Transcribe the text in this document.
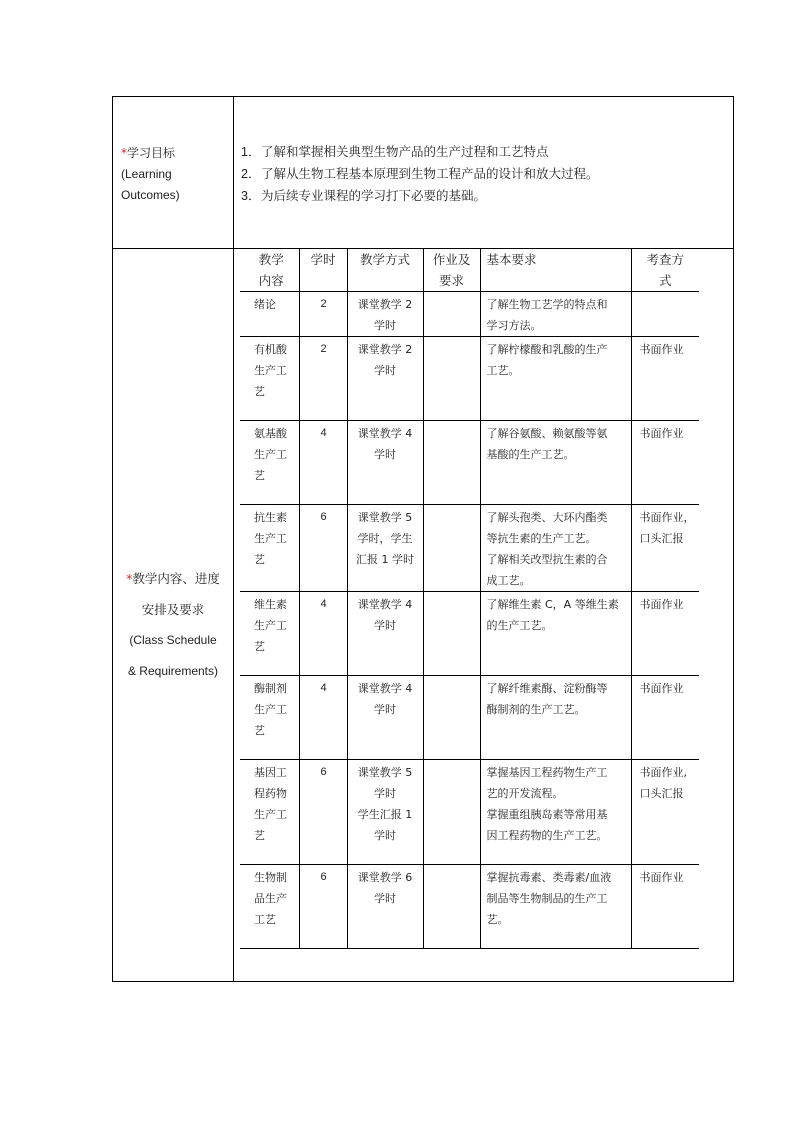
*学习目标
(Learning
Outcomes)
1．了解和掌握相关典型生物产品的生产过程和工艺特点
2．了解从生物工程基本原理到生物工程产品的设计和放大过程。
3．为后续专业课程的学习打下必要的基础。
*教学内容、进度
安排及要求
(Class Schedule
& Requirements)
教学内容	学时	教学方式	作业及要求	基本要求	考查方式
绪论	2	课堂教学 2
学时		了解生物工艺学的特点和
学习方法。	

有机酸生产工艺	2	课堂教学 2
学时		了解柠檬酸和乳酸的生产
工艺。	书面作业

氨基酸生产工艺	4	课堂教学 4
学时		了解谷氨酸、赖氨酸等氨
基酸的生产工艺。	书面作业

抗生素生产工艺	6	课堂教学 5
学时，学生
汇报 1 学时		了解头孢类、大环内酯类
等抗生素的生产工艺。
了解相关改型抗生素的合
成工艺。	书面作业，
口头汇报

维生素生产工艺	4	课堂教学 4
学时		了解维生素 C，A 等维生素
的生产工艺。	书面作业

酶制剂生产工艺	4	课堂教学 4
学时		了解纤维素酶、淀粉酶等
酶制剂的生产工艺。	书面作业

基因工程药物生产工艺	6	课堂教学 5
学时
学生汇报 1
学时		掌握基因工程药物生产工
艺的开发流程。
掌握重组胰岛素等常用基
因工程药物的生产工艺。	书面作业,
口头汇报

生物制品生产工艺	6	课堂教学 6
学时		掌握抗毒素、类毒素/血液
制品等生物制品的生产工
艺。	书面作业
